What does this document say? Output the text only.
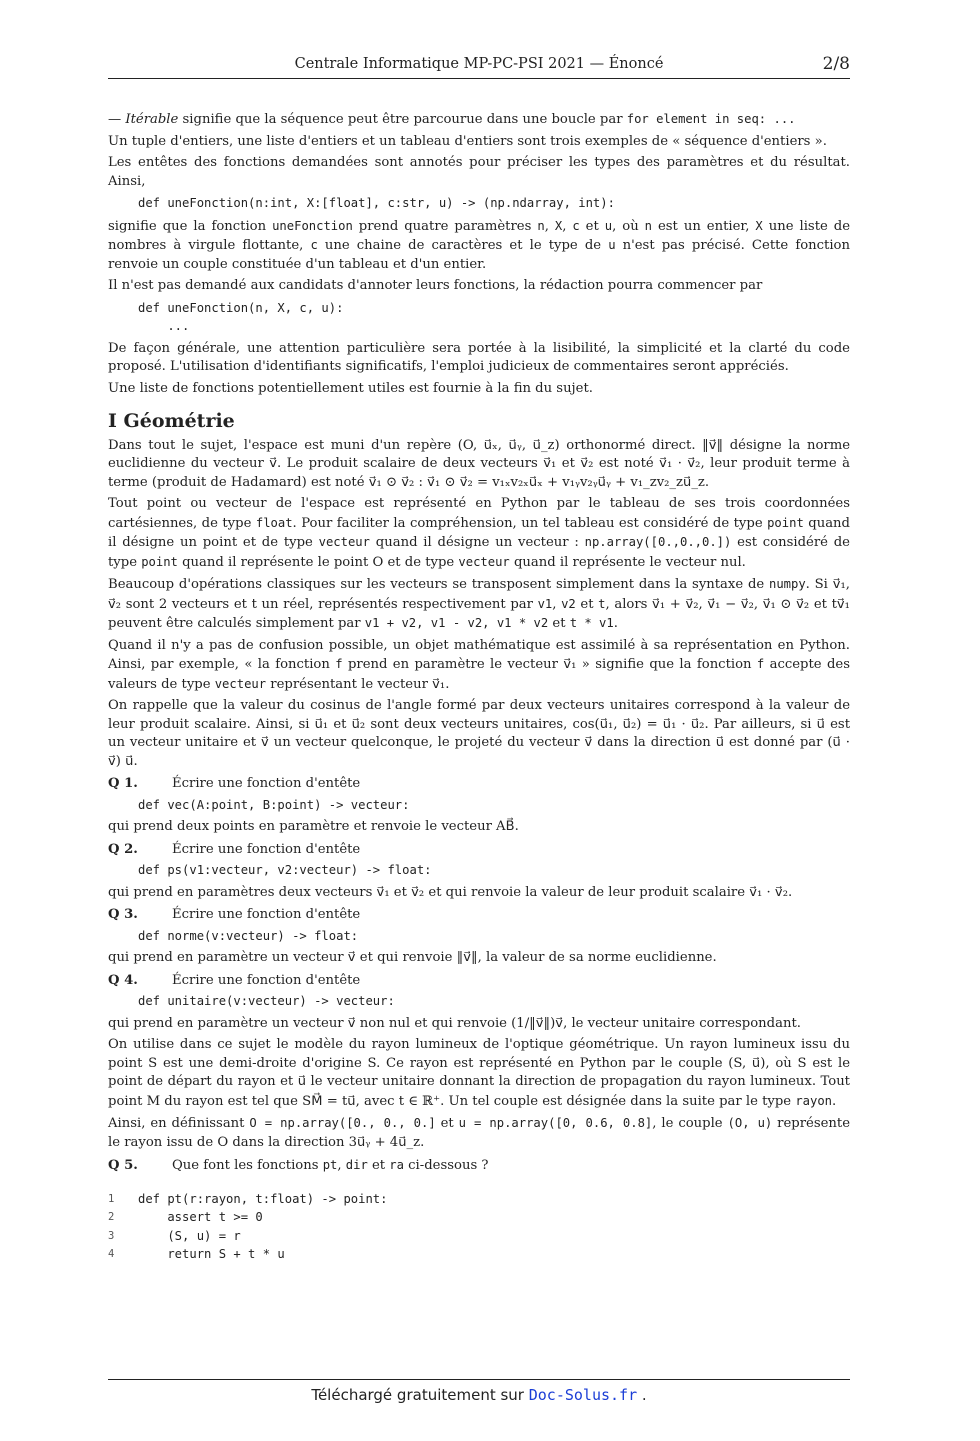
Centrale Informatique MP-PC-PSI 2021 — Énoncé	2/8

— Itérable signifie que la séquence peut être parcourue dans une boucle par for element in seq: ...

Un tuple d'entiers, une liste d'entiers et un tableau d'entiers sont trois exemples de « séquence d'entiers ».

Les entêtes des fonctions demandées sont annotés pour préciser les types des paramètres et du résultat. Ainsi,

def uneFonction(n:int, X:[float], c:str, u) -> (np.ndarray, int):

signifie que la fonction uneFonction prend quatre paramètres n, X, c et u, où n est un entier, X une liste de nombres à virgule flottante, c une chaine de caractères et le type de u n'est pas précisé. Cette fonction renvoie un couple constituée d'un tableau et d'un entier.

Il n'est pas demandé aux candidats d'annoter leurs fonctions, la rédaction pourra commencer par

def uneFonction(n, X, c, u):
...

De façon générale, une attention particulière sera portée à la lisibilité, la simplicité et la clarté du code proposé. L'utilisation d'identifiants significatifs, l'emploi judicieux de commentaires seront appréciés.

Une liste de fonctions potentiellement utiles est fournie à la fin du sujet.

I Géométrie

Dans tout le sujet, l'espace est muni d'un repère (O, u⃗ₓ, u⃗ᵧ, u⃗_z) orthonormé direct. ‖v⃗‖ désigne la norme euclidienne du vecteur v⃗. Le produit scalaire de deux vecteurs v⃗₁ et v⃗₂ est noté v⃗₁ · v⃗₂, leur produit terme à terme (produit de Hadamard) est noté v⃗₁ ⊙ v⃗₂ : v⃗₁ ⊙ v⃗₂ = v₁ₓv₂ₓu⃗ₓ + v₁ᵧv₂ᵧu⃗ᵧ + v₁_zv₂_zu⃗_z.

Tout point ou vecteur de l'espace est représenté en Python par le tableau de ses trois coordonnées cartésiennes, de type float. Pour faciliter la compréhension, un tel tableau est considéré de type point quand il désigne un point et de type vecteur quand il désigne un vecteur : np.array([0.,0.,0.]) est considéré de type point quand il représente le point O et de type vecteur quand il représente le vecteur nul.

Beaucoup d'opérations classiques sur les vecteurs se transposent simplement dans la syntaxe de numpy. Si v⃗₁, v⃗₂ sont 2 vecteurs et t un réel, représentés respectivement par v1, v2 et t, alors v⃗₁ + v⃗₂, v⃗₁ − v⃗₂, v⃗₁ ⊙ v⃗₂ et tv⃗₁ peuvent être calculés simplement par v1 + v2, v1 - v2, v1 * v2 et t * v1.

Quand il n'y a pas de confusion possible, un objet mathématique est assimilé à sa représentation en Python. Ainsi, par exemple, « la fonction f prend en paramètre le vecteur v⃗₁ » signifie que la fonction f accepte des valeurs de type vecteur représentant le vecteur v⃗₁.

On rappelle que la valeur du cosinus de l'angle formé par deux vecteurs unitaires correspond à la valeur de leur produit scalaire. Ainsi, si u⃗₁ et u⃗₂ sont deux vecteurs unitaires, cos(u⃗₁, u⃗₂) = u⃗₁ · u⃗₂. Par ailleurs, si u⃗ est un vecteur unitaire et v⃗ un vecteur quelconque, le projeté du vecteur v⃗ dans la direction u⃗ est donné par (u⃗ · v⃗) u⃗.

Q 1.	Écrire une fonction d'entête
def vec(A:point, B:point) -> vecteur:

qui prend deux points en paramètre et renvoie le vecteur AB⃗.

Q 2.	Écrire une fonction d'entête
def ps(v1:vecteur, v2:vecteur) -> float:

qui prend en paramètres deux vecteurs v⃗₁ et v⃗₂ et qui renvoie la valeur de leur produit scalaire v⃗₁ · v⃗₂.

Q 3.	Écrire une fonction d'entête
def norme(v:vecteur) -> float:

qui prend en paramètre un vecteur v⃗ et qui renvoie ‖v⃗‖, la valeur de sa norme euclidienne.

Q 4.	Écrire une fonction d'entête
def unitaire(v:vecteur) -> vecteur:

qui prend en paramètre un vecteur v⃗ non nul et qui renvoie (1/‖v⃗‖)v⃗, le vecteur unitaire correspondant.

On utilise dans ce sujet le modèle du rayon lumineux de l'optique géométrique. Un rayon lumineux issu du point S est une demi-droite d'origine S. Ce rayon est représenté en Python par le couple (S, u⃗), où S est le point de départ du rayon et u⃗ le vecteur unitaire donnant la direction de propagation du rayon lumineux. Tout point M du rayon est tel que SM⃗ = tu⃗, avec t ∈ ℝ⁺. Un tel couple est désignée dans la suite par le type rayon.

Ainsi, en définissant O = np.array([0., 0., 0.] et u = np.array([0, 0.6, 0.8], le couple (O, u) représente le rayon issu de O dans la direction 3u⃗ᵧ + 4u⃗_z.

Q 5.	Que font les fonctions pt, dir et ra ci-dessous ?
1	def pt(r:rayon, t:float) -> point:
2	assert t >= 0
3	(S, u) = r
4	return S + t * u
Téléchargé gratuitement sur Doc-Solus.fr .
